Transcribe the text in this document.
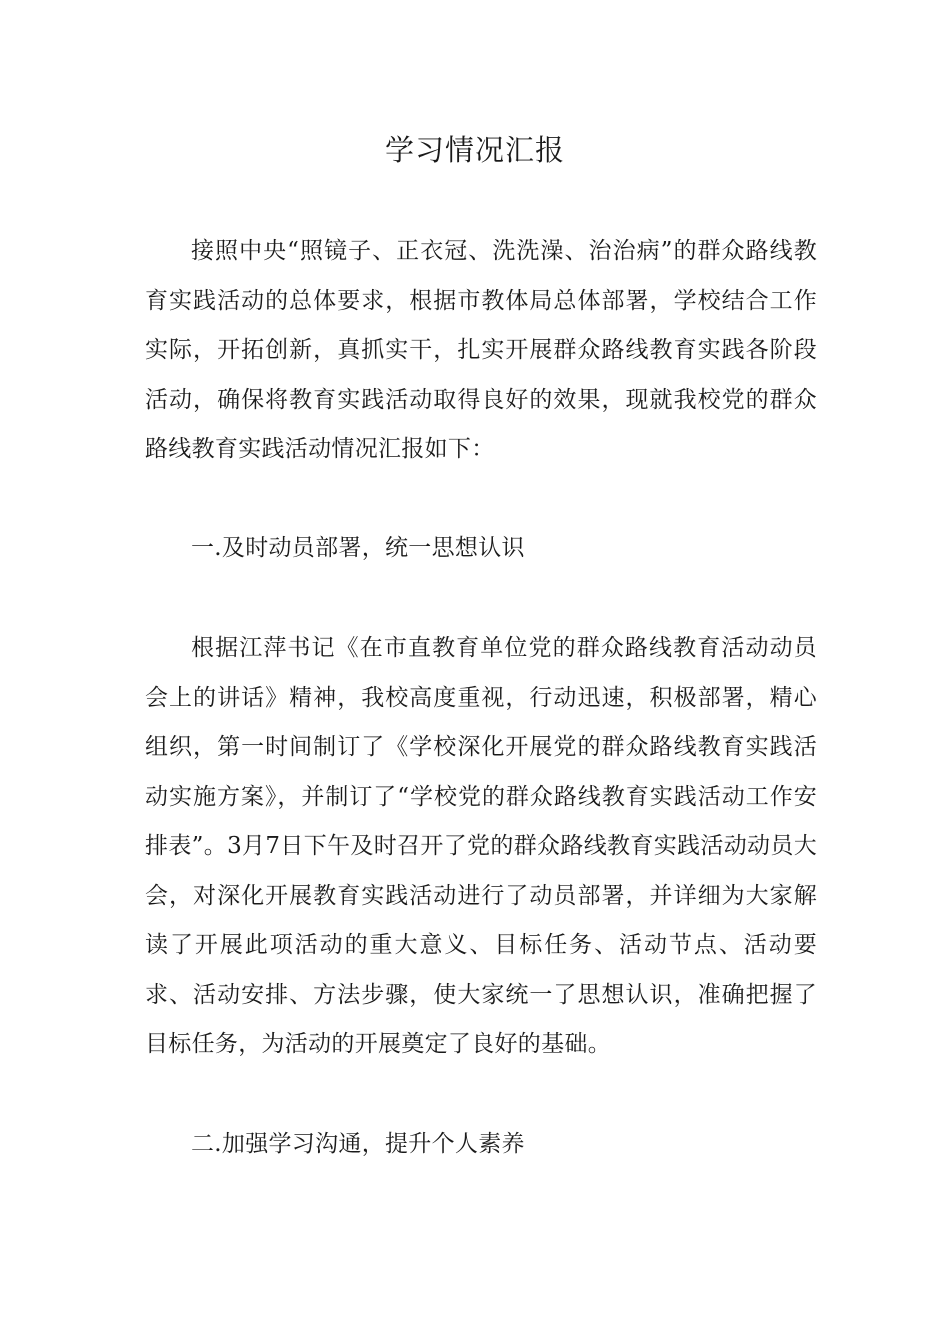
学习情况汇报

接照中央“照镜子、正衣冠、洗洗澡、治治病”的群众路线教育实践活动的总体要求，根据市教体局总体部署，学校结合工作实际，开拓创新，真抓实干，扎实开展群众路线教育实践各阶段活动，确保将教育实践活动取得良好的效果，现就我校党的群众路线教育实践活动情况汇报如下：

一.及时动员部署，统一思想认识

根据江萍书记《在市直教育单位党的群众路线教育活动动员会上的讲话》精神，我校高度重视，行动迅速，积极部署，精心组织，第一时间制订了《学校深化开展党的群众路线教育实践活动实施方案》，并制订了“学校党的群众路线教育实践活动工作安排表”。3月7日下午及时召开了党的群众路线教育实践活动动员大会，对深化开展教育实践活动进行了动员部署，并详细为大家解读了开展此项活动的重大意义、目标任务、活动节点、活动要求、活动安排、方法步骤，使大家统一了思想认识，准确把握了目标任务，为活动的开展奠定了良好的基础。

二.加强学习沟通，提升个人素养
